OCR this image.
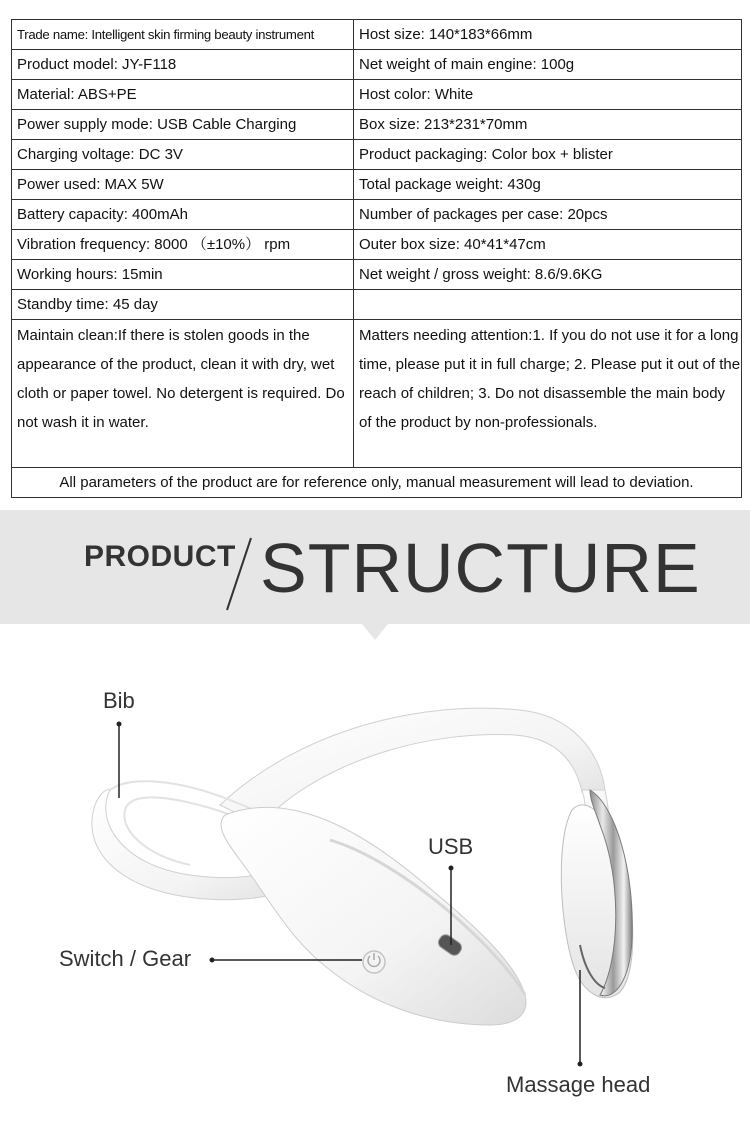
Trade name: Intelligent skin firming beauty instrument	Host size: 140*183*66mm
Product model: JY-F118	Net weight of main engine: 100g
Material: ABS+PE	Host color: White
Power supply mode: USB Cable Charging	Box size: 213*231*70mm
Charging voltage: DC 3V	Product packaging: Color box + blister
Power used: MAX 5W	Total package weight: 430g
Battery capacity: 400mAh	Number of packages per case: 20pcs
Vibration frequency: 8000 （±10%） rpm	Outer box size: 40*41*47cm
Working hours: 15min	Net weight / gross weight: 8.6/9.6KG
Standby time: 45 day	
Maintain clean:If there is stolen goods in the appearance of the product, clean it with dry, wet cloth or paper towel. No detergent is required. Do not wash it in water.	Matters needing attention:1. If you do not use it for a long time, please put it in full charge; 2. Please put it out of the reach of children; 3. Do not disassemble the main body of the product by non-professionals.
All parameters of the product are for reference only, manual measurement will lead to deviation.	
PRODUCT STRUCTURE
Bib
USB
Switch / Gear
Massage head
